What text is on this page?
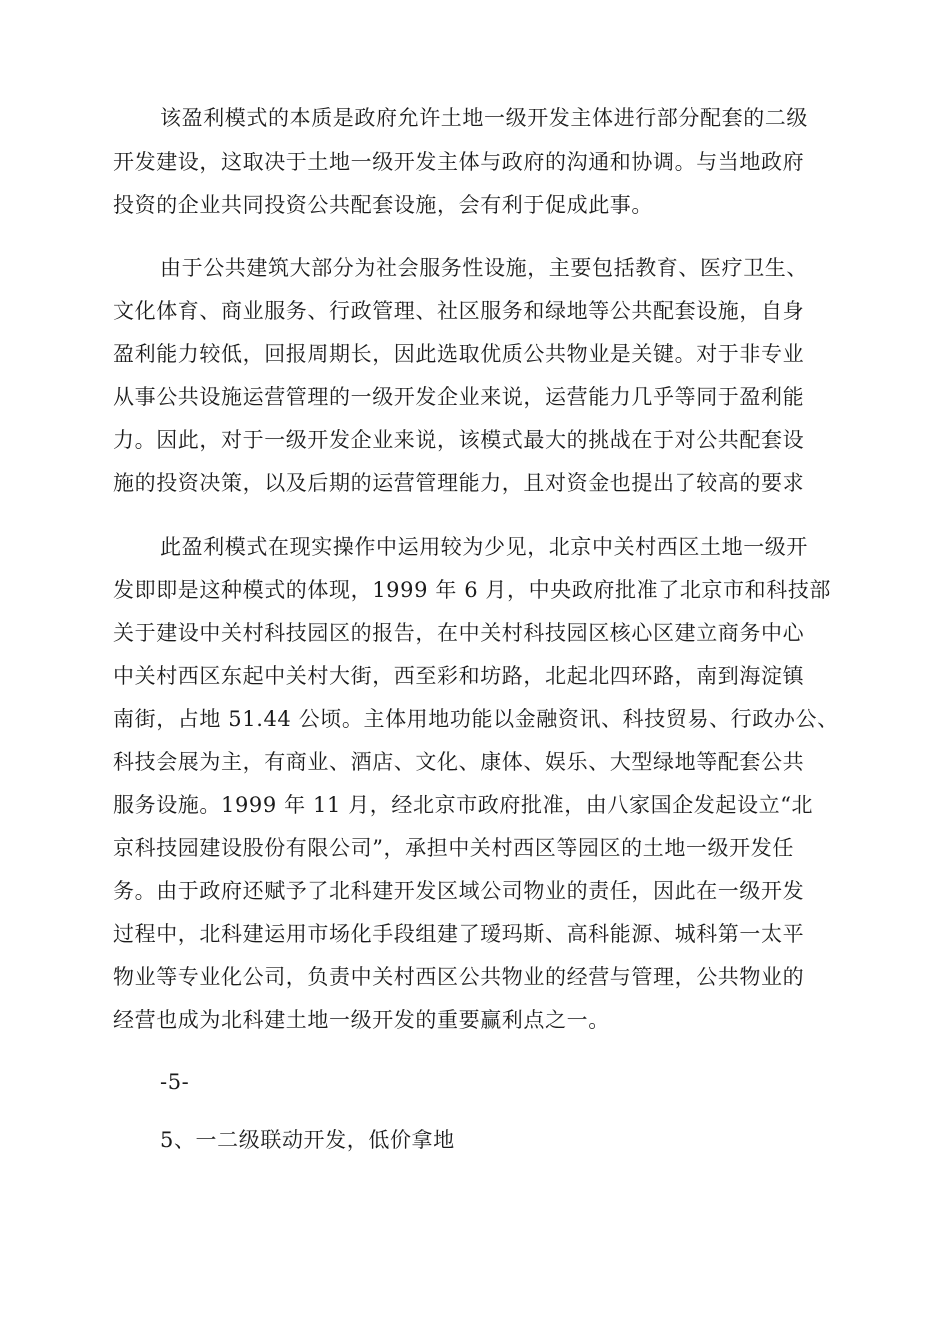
该盈利模式的本质是政府允许土地一级开发主体进行部分配套的二级
开发建设，这取决于土地一级开发主体与政府的沟通和协调。与当地政府
投资的企业共同投资公共配套设施，会有利于促成此事。
由于公共建筑大部分为社会服务性设施，主要包括教育、医疗卫生、
文化体育、商业服务、行政管理、社区服务和绿地等公共配套设施，自身
盈利能力较低，回报周期长，因此选取优质公共物业是关键。对于非专业
从事公共设施运营管理的一级开发企业来说，运营能力几乎等同于盈利能
力。因此，对于一级开发企业来说，该模式最大的挑战在于对公共配套设
施的投资决策，以及后期的运营管理能力，且对资金也提出了较高的要求
此盈利模式在现实操作中运用较为少见，北京中关村西区土地一级开
发即即是这种模式的体现，1999 年 6 月，中央政府批准了北京市和科技部
关于建设中关村科技园区的报告，在中关村科技园区核心区建立商务中心
中关村西区东起中关村大街，西至彩和坊路，北起北四环路，南到海淀镇
南街，占地 51.44 公顷。主体用地功能以金融资讯、科技贸易、行政办公、
科技会展为主，有商业、酒店、文化、康体、娱乐、大型绿地等配套公共
服务设施。1999 年 11 月，经北京市政府批准，由八家国企发起设立“北
京科技园建设股份有限公司”，承担中关村西区等园区的土地一级开发任
务。由于政府还赋予了北科建开发区域公司物业的责任，因此在一级开发
过程中，北科建运用市场化手段组建了瑷玛斯、高科能源、城科第一太平
物业等专业化公司，负责中关村西区公共物业的经营与管理，公共物业的
经营也成为北科建土地一级开发的重要赢利点之一。
-5-
5、一二级联动开发，低价拿地
